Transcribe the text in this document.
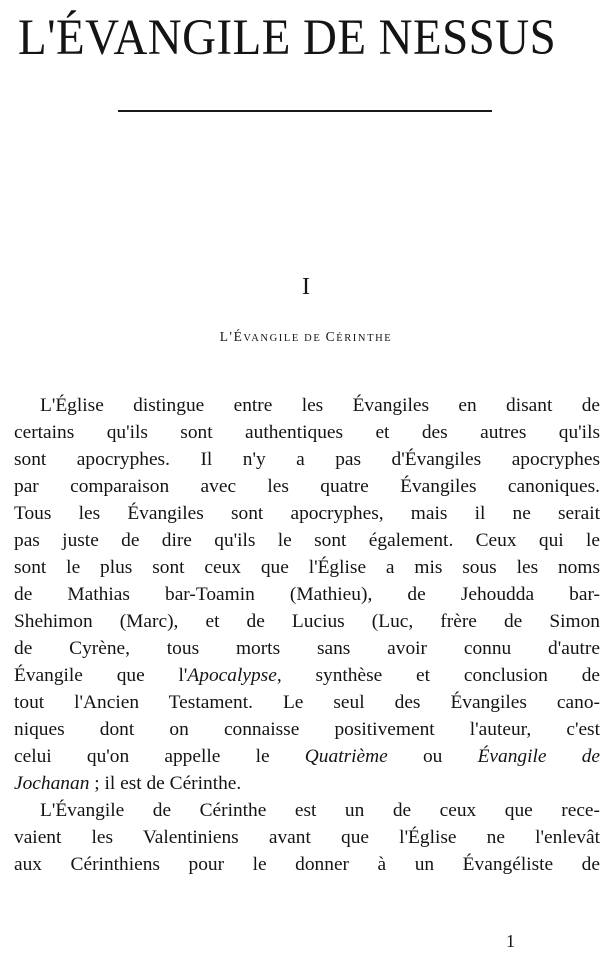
L'ÉVANGILE DE NESSUS
I
L'ÉVANGILE DE CÉRINTHE
L'Église distingue entre les Évangiles en disant de
certains qu'ils sont authentiques et des autres qu'ils
sont apocryphes. Il n'y a pas d'Évangiles apocryphes
par comparaison avec les quatre Évangiles canoniques.
Tous les Évangiles sont apocryphes, mais il ne serait
pas juste de dire qu'ils le sont également. Ceux qui le
sont le plus sont ceux que l'Église a mis sous les noms
de Mathias bar-Toamin (Mathieu), de Jehoudda bar-
Shehimon (Marc), et de Lucius (Luc, frère de Simon
de Cyrène, tous morts sans avoir connu d'autre
Évangile que l'Apocalypse, synthèse et conclusion de
tout l'Ancien Testament. Le seul des Évangiles cano-
niques dont on connaisse positivement l'auteur, c'est
celui qu'on appelle le Quatrième ou Évangile de
Jochanan ; il est de Cérinthe.
L'Évangile de Cérinthe est un de ceux que rece-
vaient les Valentiniens avant que l'Église ne l'enlevât
aux Cérinthiens pour le donner à un Évangéliste de
1
